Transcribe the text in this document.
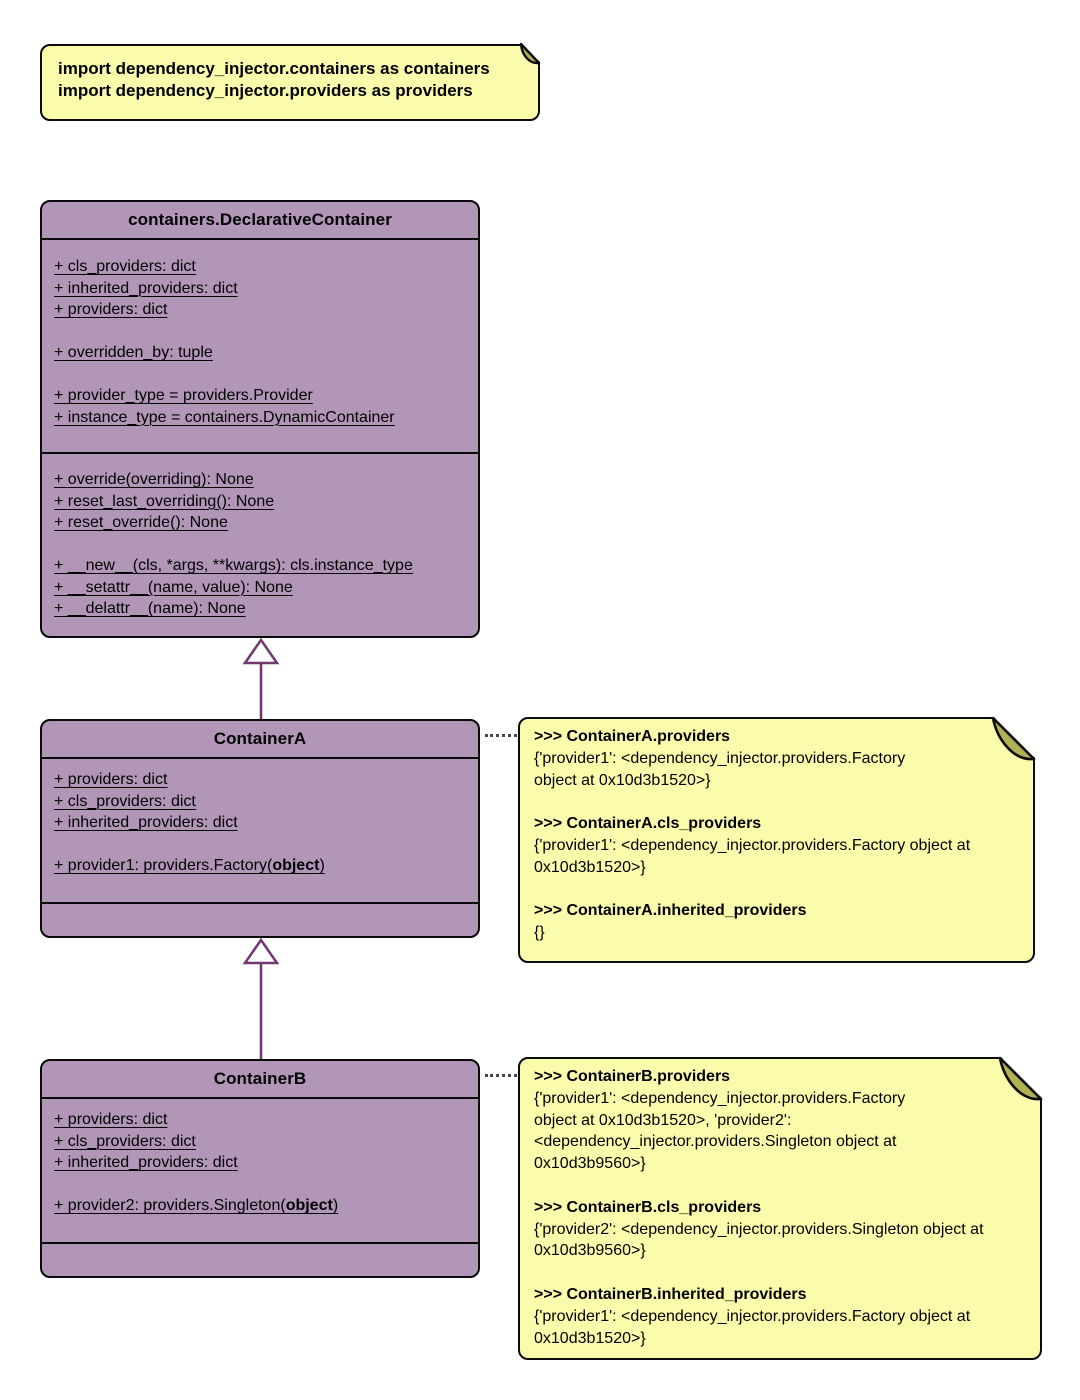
import dependency_injector.containers as containers
import dependency_injector.providers as providers
containers.DeclarativeContainer
+ cls_providers: dict
+ inherited_providers: dict
+ providers: dict
+ overridden_by: tuple
+ provider_type = providers.Provider
+ instance_type = containers.DynamicContainer
+ override(overriding): None
+ reset_last_overriding(): None
+ reset_override(): None
+ __new__(cls, *args, **kwargs): cls.instance_type
+ __setattr__(name, value): None
+ __delattr__(name): None
ContainerA
+ providers: dict
+ cls_providers: dict
+ inherited_providers: dict
+ provider1: providers.Factory(object)
>>> ContainerA.providers
{'provider1': <dependency_injector.providers.Factory
object at 0x10d3b1520>}
>>> ContainerA.cls_providers
{'provider1': <dependency_injector.providers.Factory object at
0x10d3b1520>}
>>> ContainerA.inherited_providers
{}
ContainerB
+ providers: dict
+ cls_providers: dict
+ inherited_providers: dict
+ provider2: providers.Singleton(object)
>>> ContainerB.providers
{'provider1': <dependency_injector.providers.Factory
object at 0x10d3b1520>, 'provider2':
<dependency_injector.providers.Singleton object at
0x10d3b9560>}
>>> ContainerB.cls_providers
{'provider2': <dependency_injector.providers.Singleton object at
0x10d3b9560>}
>>> ContainerB.inherited_providers
{'provider1': <dependency_injector.providers.Factory object at
0x10d3b1520>}
